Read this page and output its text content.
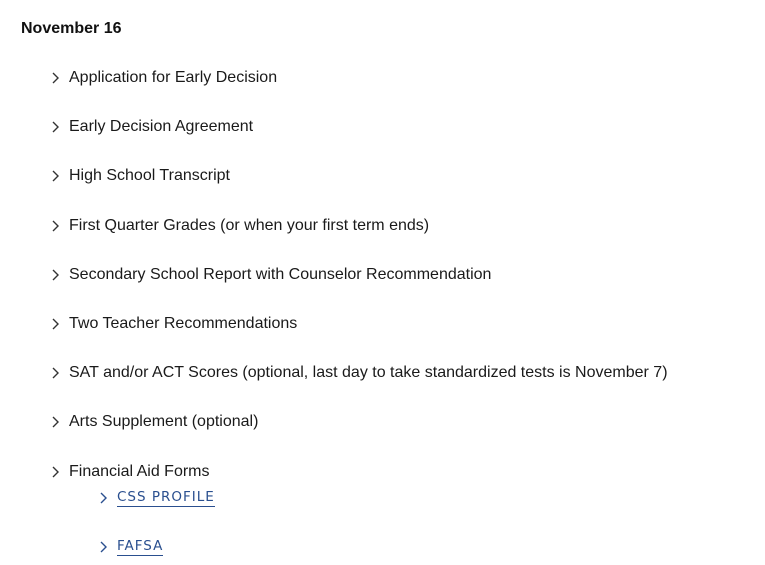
November 16
Application for Early Decision
Early Decision Agreement
High School Transcript
First Quarter Grades (or when your first term ends)
Secondary School Report with Counselor Recommendation
Two Teacher Recommendations
SAT and/or ACT Scores (optional, last day to take standardized tests is November 7)
Arts Supplement (optional)
Financial Aid Forms
CSS PROFILE
FAFSA
